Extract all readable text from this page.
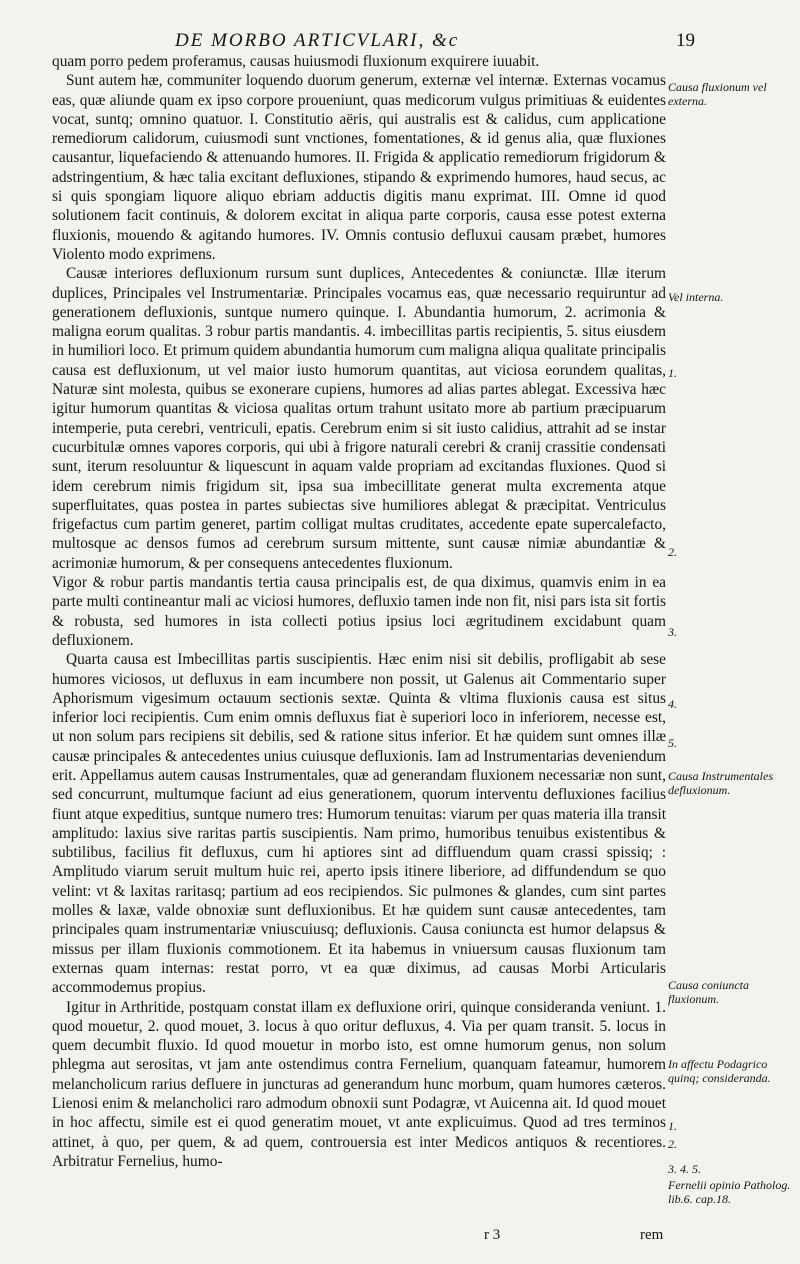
DE MORBO ARTICVLARI, &c	19

quam porro pedem proferamus, causas huiusmodi fluxionum exquirere iuuabit.

Sunt autem hæ, communiter loquendo duorum generum, externæ vel internæ. Externas vocamus eas, quæ aliunde quam ex ipso corpore proueniunt, quas medicorum vulgus primitiuas & euidentes vocat, suntq; omnino quatuor. I. Constitutio aëris, qui australis est & calidus, cum applicatione remediorum calidorum, cuiusmodi sunt vnctiones, fomentationes, & id genus alia, quæ fluxiones causantur, liquefaciendo & attenuando humores. II. Frigida & applicatio remediorum frigidorum & adstringentium, & hæc talia excitant defluxiones, stipando & exprimendo humores, haud secus, ac si quis spongiam liquore aliquo ebriam adductis digitis manu exprimat. III. Omne id quod solutionem facit continuis, & dolorem excitat in aliqua parte corporis, causa esse potest externa fluxionis, mouendo & agitando humores. IV. Omnis contusio defluxui causam præbet, humores Violento modo exprimens.

Causæ interiores defluxionum rursum sunt duplices, Antecedentes & coniunctæ. Illæ iterum duplices, Principales vel Instrumentariæ. Principales vocamus eas, quæ necessario requiruntur ad generationem defluxionis, suntque numero quinque. I. Abundantia humorum, 2. acrimonia & maligna eorum qualitas. 3 robur partis mandantis. 4. imbecillitas partis recipientis, 5. situs eiusdem in humiliori loco. Et primum quidem abundantia humorum cum maligna aliqua qualitate principalis causa est defluxionum, ut vel maior iusto humorum quantitas, aut viciosa eorundem qualitas, Naturæ sint molesta, quibus se exonerare cupiens, humores ad alias partes ablegat. Excessiva hæc igitur humorum quantitas & viciosa qualitas ortum trahunt usitato more ab partium præcipuarum intemperie, puta cerebri, ventriculi, epatis. Cerebrum enim si sit iusto calidius, attrahit ad se instar cucurbitulæ omnes vapores corporis, qui ubi à frigore naturali cerebri & cranij crassitie condensati sunt, iterum resoluuntur & liquescunt in aquam valde propriam ad excitandas fluxiones. Quod si idem cerebrum nimis frigidum sit, ipsa sua imbecillitate generat multa excrementa atque superfluitates, quas postea in partes subiectas sive humiliores ablegat & præcipitat. Ventriculus frigefactus cum partim generet, partim colligat multas cruditates, accedente epate supercalefacto, multosque ac densos fumos ad cerebrum sursum mittente, sunt causæ nimiæ abundantiæ & acrimoniæ humorum, & per consequens antecedentes fluxionum.

Vigor & robur partis mandantis tertia causa principalis est, de qua diximus, quamvis enim in ea parte multi contineantur mali ac viciosi humores, defluxio tamen inde non fit, nisi pars ista sit fortis & robusta, sed humores in ista collecti potius ipsius loci ægritudinem excidabunt quam defluxionem.

Quarta causa est Imbecillitas partis suscipientis. Hæc enim nisi sit debilis, profligabit ab sese humores viciosos, ut defluxus in eam incumbere non possit, ut Galenus ait Commentario super Aphorismum vigesimum octauum sectionis sextæ. Quinta & vltima fluxionis causa est situs inferior loci recipientis. Cum enim omnis defluxus fiat è superiori loco in inferiorem, necesse est, ut non solum pars recipiens sit debilis, sed & ratione situs inferior. Et hæ quidem sunt omnes illæ causæ principales & antecedentes unius cuiusque defluxionis. Iam ad Instrumentarias deveniendum erit. Appellamus autem causas Instrumentales, quæ ad generandam fluxionem necessariæ non sunt, sed concurrunt, multumque faciunt ad eius generationem, quorum interventu defluxiones facilius fiunt atque expeditius, suntque numero tres: Humorum tenuitas: viarum per quas materia illa transit amplitudo: laxius sive raritas partis suscipientis. Nam primo, humoribus tenuibus existentibus & subtilibus, facilius fit defluxus, cum hi aptiores sint ad diffluendum quam crassi spissiq; : Amplitudo viarum seruit multum huic rei, aperto ipsis itinere liberiore, ad diffundendum se quo velint: vt & laxitas raritasq; partium ad eos recipiendos. Sic pulmones & glandes, cum sint partes molles & laxæ, valde obnoxiæ sunt defluxionibus. Et hæ quidem sunt causæ antecedentes, tam principales quam instrumentariæ vniuscuiusq; defluxionis. Causa coniuncta est humor delapsus & missus per illam fluxionis commotionem. Et ita habemus in vniuersum causas fluxionum tam externas quam internas: restat porro, vt ea quæ diximus, ad causas Morbi Articularis accommodemus propius.

Igitur in Arthritide, postquam constat illam ex defluxione oriri, quinque consideranda veniunt. 1. quod mouetur, 2. quod mouet, 3. locus à quo oritur defluxus, 4. Via per quam transit. 5. locus in quem decumbit fluxio. Id quod mouetur in morbo isto, est omne humorum genus, non solum phlegma aut serositas, vt jam ante ostendimus contra Fernelium, quanquam fateamur, humorem melancholicum rarius defluere in juncturas ad generandum hunc morbum, quam humores cæteros. Lienosi enim & melancholici raro admodum obnoxii sunt Podagræ, vt Auicenna ait. Id quod mouet in hoc affectu, simile est ei quod generatim mouet, vt ante explicuimus. Quod ad tres terminos attinet, à quo, per quem, & ad quem, controuersia est inter Medicos antiquos & recentiores. Arbitratur Fernelius, humo-

Causa fluxionum vel externa.
Vel interna.
1.
2.
3.
4.
5.
Causa Instrumentales defluxionum.
Causa coniuncta fluxionum.
In affectu Podagrico quinq; consideranda.
1.
2.
3. 4. 5.
Fernelii opinio Patholog. lib.6. cap.18.
r 3	rem
